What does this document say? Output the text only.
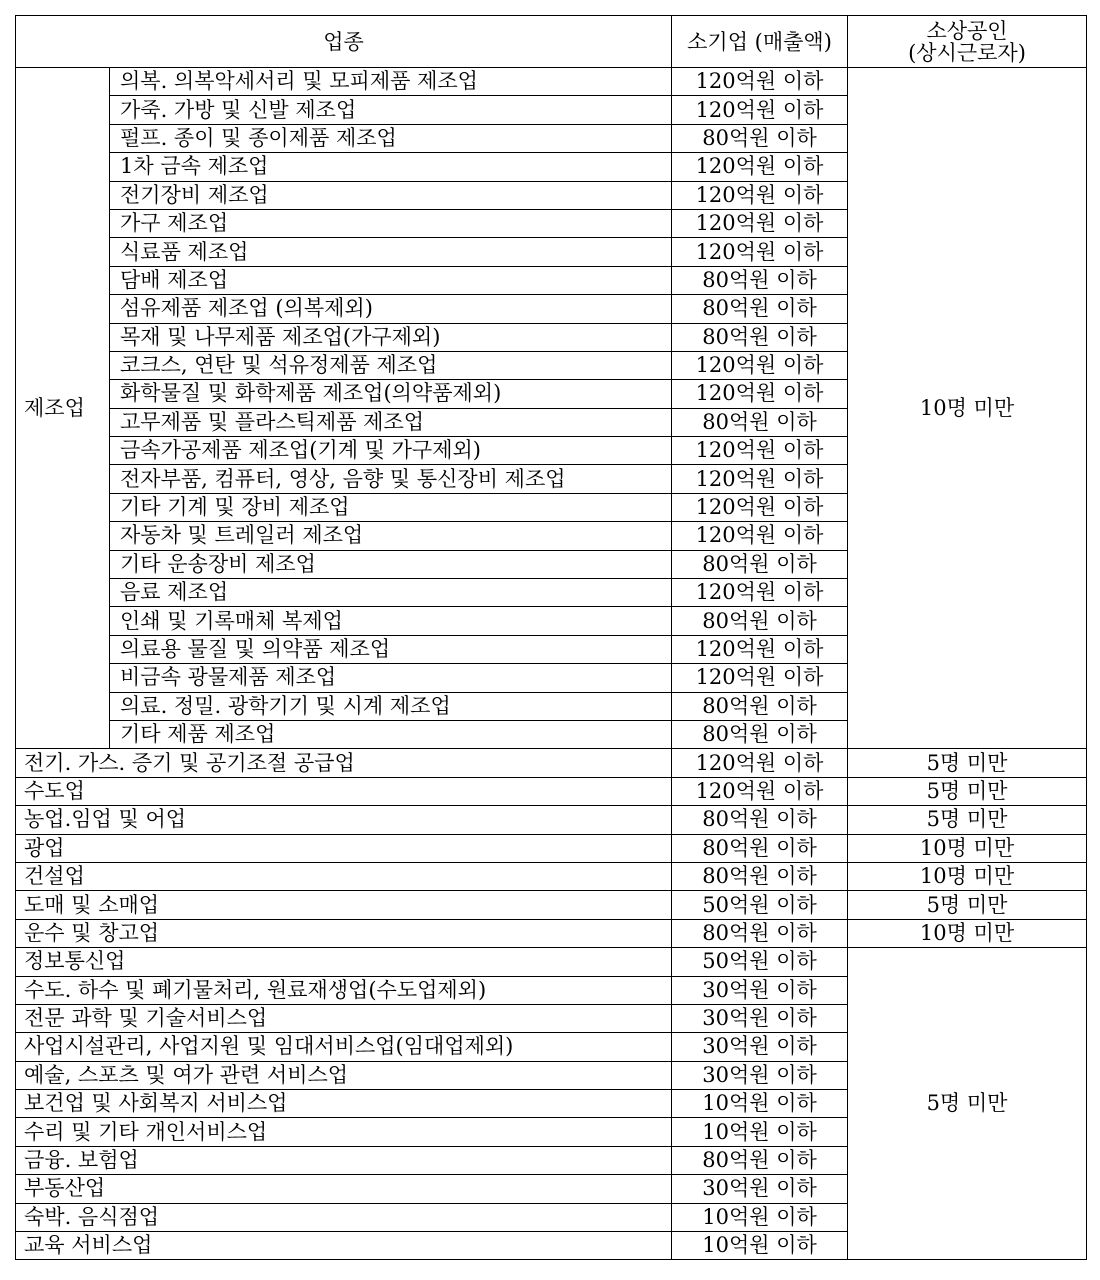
업종		소기업 (매출액)	소상공인
(상시근로자)

제조업	의복. 의복악세서리 및 모피제품 제조업	120억원 이하	10명 미만
	가죽. 가방 및 신발 제조업	120억원 이하	
	펄프. 종이 및 종이제품 제조업	80억원 이하	
	1차 금속 제조업	120억원 이하	
	전기장비 제조업	120억원 이하	
	가구 제조업	120억원 이하	
	식료품 제조업	120억원 이하	
	담배 제조업	80억원 이하	
	섬유제품 제조업 (의복제외)	80억원 이하	
	목재 및 나무제품 제조업(가구제외)	80억원 이하	
	코크스, 연탄 및 석유정제품 제조업	120억원 이하	
	화학물질 및 화학제품 제조업(의약품제외)	120억원 이하	
	고무제품 및 플라스틱제품 제조업	80억원 이하	
	금속가공제품 제조업(기계 및 가구제외)	120억원 이하	
	전자부품, 컴퓨터, 영상, 음향 및 통신장비 제조업	120억원 이하	
	기타 기계 및 장비 제조업	120억원 이하	
	자동차 및 트레일러 제조업	120억원 이하	
	기타 운송장비 제조업	80억원 이하	
	음료 제조업	120억원 이하	
	인쇄 및 기록매체 복제업	80억원 이하	
	의료용 물질 및 의약품 제조업	120억원 이하	
	비금속 광물제품 제조업	120억원 이하	
	의료. 정밀. 광학기기 및 시계 제조업	80억원 이하	
	기타 제품 제조업	80억원 이하	
전기. 가스. 증기 및 공기조절 공급업		120억원 이하	5명 미만
수도업		120억원 이하	5명 미만
농업.임업 및 어업		80억원 이하	5명 미만
광업		80억원 이하	10명 미만
건설업		80억원 이하	10명 미만
도매 및 소매업		50억원 이하	5명 미만
운수 및 창고업		80억원 이하	10명 미만
정보통신업		50억원 이하	5명 미만
수도. 하수 및 폐기물처리, 원료재생업(수도업제외)		30억원 이하	
전문 과학 및 기술서비스업		30억원 이하	
사업시설관리, 사업지원 및 임대서비스업(임대업제외)		30억원 이하	
예술, 스포츠 및 여가 관련 서비스업		30억원 이하	
보건업 및 사회복지 서비스업		10억원 이하	
수리 및 기타 개인서비스업		10억원 이하	
금융. 보험업		80억원 이하	
부동산업		30억원 이하	
숙박. 음식점업		10억원 이하	
교육 서비스업		10억원 이하	
